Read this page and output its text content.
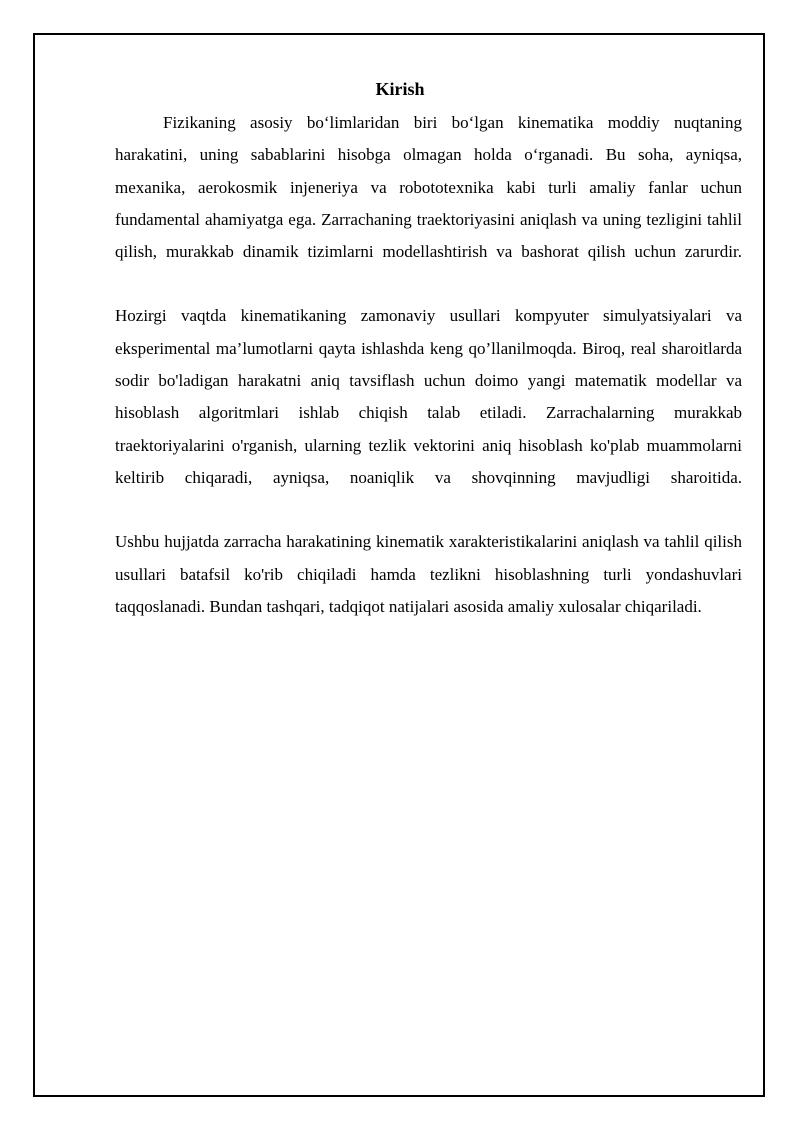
Kirish

Fizikaning asosiy bo‘limlaridan biri bo‘lgan kinematika moddiy nuqtaning harakatini, uning sabablarini hisobga olmagan holda o‘rganadi. Bu soha, ayniqsa, mexanika, aerokosmik injeneriya va robototexnika kabi turli amaliy fanlar uchun fundamental ahamiyatga ega. Zarrachaning traektoriyasini aniqlash va uning tezligini tahlil qilish, murakkab dinamik tizimlarni modellashtirish va bashorat qilish uchun zarurdir.

Hozirgi vaqtda kinematikaning zamonaviy usullari kompyuter simulyatsiyalari va eksperimental ma’lumotlarni qayta ishlashda keng qo’llanilmoqda. Biroq, real sharoitlarda sodir bo'ladigan harakatni aniq tavsiflash uchun doimo yangi matematik modellar va hisoblash algoritmlari ishlab chiqish talab etiladi. Zarrachalarning murakkab traektoriyalarini o'rganish, ularning tezlik vektorini aniq hisoblash ko'plab muammolarni keltirib chiqaradi, ayniqsa, noaniqlik va shovqinning mavjudligi sharoitida.

Ushbu hujjatda zarracha harakatining kinematik xarakteristikalarini aniqlash va tahlil qilish usullari batafsil ko'rib chiqiladi hamda tezlikni hisoblashning turli yondashuvlari taqqoslanadi. Bundan tashqari, tadqiqot natijalari asosida amaliy xulosalar chiqariladi.
